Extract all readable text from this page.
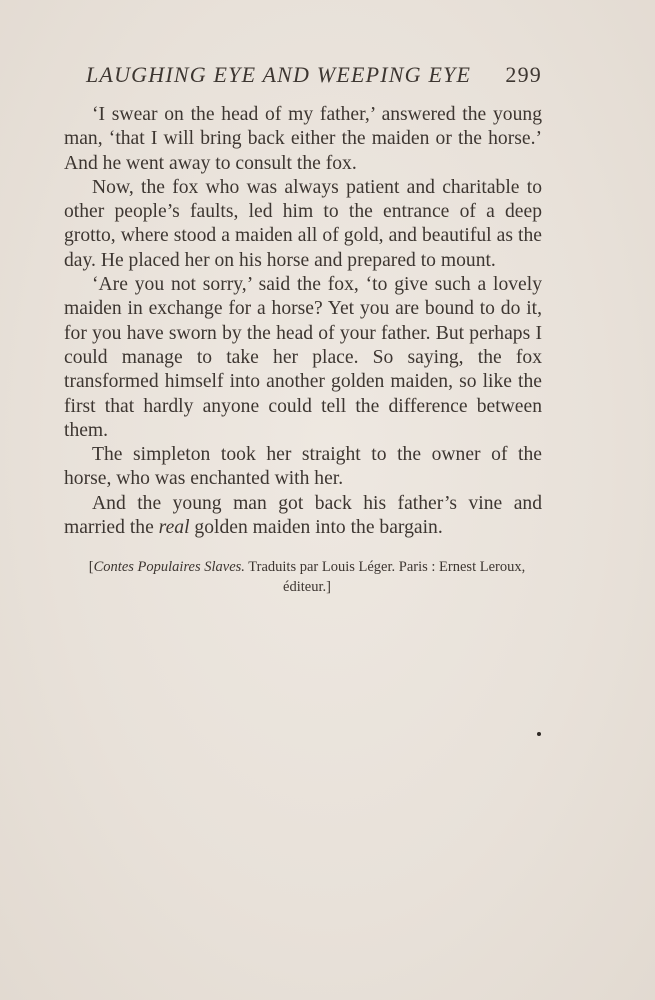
LAUGHING EYE AND WEEPING EYE 299

‘I swear on the head of my father,’ answered the young man, ‘that I will bring back either the maiden or the horse.’ And he went away to consult the fox.

Now, the fox who was always patient and charitable to other people’s faults, led him to the entrance of a deep grotto, where stood a maiden all of gold, and beautiful as the day. He placed her on his horse and prepared to mount.

‘Are you not sorry,’ said the fox, ‘to give such a lovely maiden in exchange for a horse? Yet you are bound to do it, for you have sworn by the head of your father. But perhaps I could manage to take her place. So saying, the fox transformed himself into another golden maiden, so like the first that hardly anyone could tell the difference between them.

The simpleton took her straight to the owner of the horse, who was enchanted with her.

And the young man got back his father’s vine and married the real golden maiden into the bargain.

[Contes Populaires Slaves. Traduits par Louis Léger. Paris : Ernest Leroux, éditeur.]
